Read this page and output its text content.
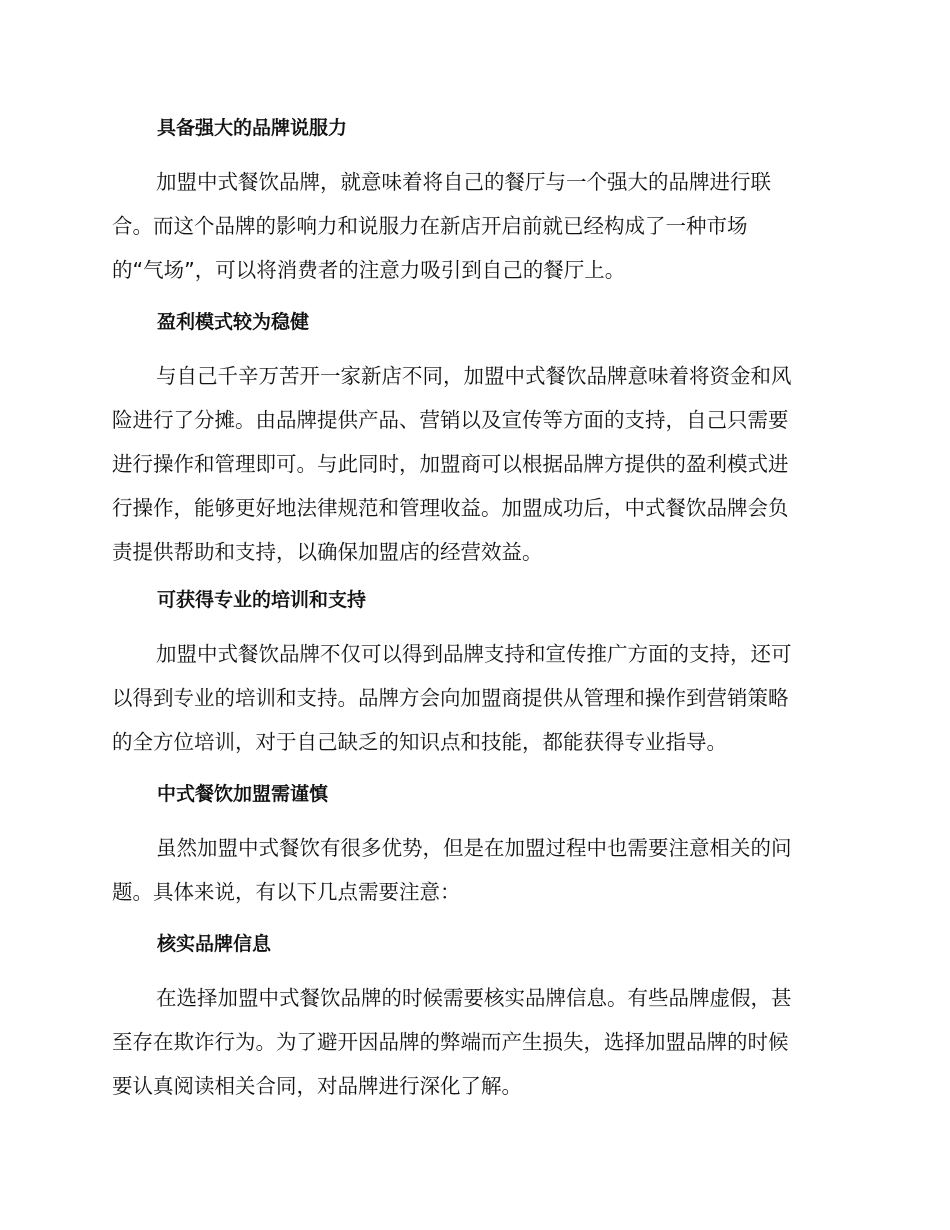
具备强大的品牌说服力
加盟中式餐饮品牌，就意味着将自己的餐厅与一个强大的品牌进行联
合。而这个品牌的影响力和说服力在新店开启前就已经构成了一种市场
的“气场”，可以将消费者的注意力吸引到自己的餐厅上。
盈利模式较为稳健
与自己千辛万苦开一家新店不同，加盟中式餐饮品牌意味着将资金和风
险进行了分摊。由品牌提供产品、营销以及宣传等方面的支持，自己只需要
进行操作和管理即可。与此同时，加盟商可以根据品牌方提供的盈利模式进
行操作，能够更好地法律规范和管理收益。加盟成功后，中式餐饮品牌会负
责提供帮助和支持，以确保加盟店的经营效益。
可获得专业的培训和支持
加盟中式餐饮品牌不仅可以得到品牌支持和宣传推广方面的支持，还可
以得到专业的培训和支持。品牌方会向加盟商提供从管理和操作到营销策略
的全方位培训，对于自己缺乏的知识点和技能，都能获得专业指导。
中式餐饮加盟需谨慎
虽然加盟中式餐饮有很多优势，但是在加盟过程中也需要注意相关的问
题。具体来说，有以下几点需要注意：
核实品牌信息
在选择加盟中式餐饮品牌的时候需要核实品牌信息。有些品牌虚假，甚
至存在欺诈行为。为了避开因品牌的弊端而产生损失，选择加盟品牌的时候
要认真阅读相关合同，对品牌进行深化了解。
